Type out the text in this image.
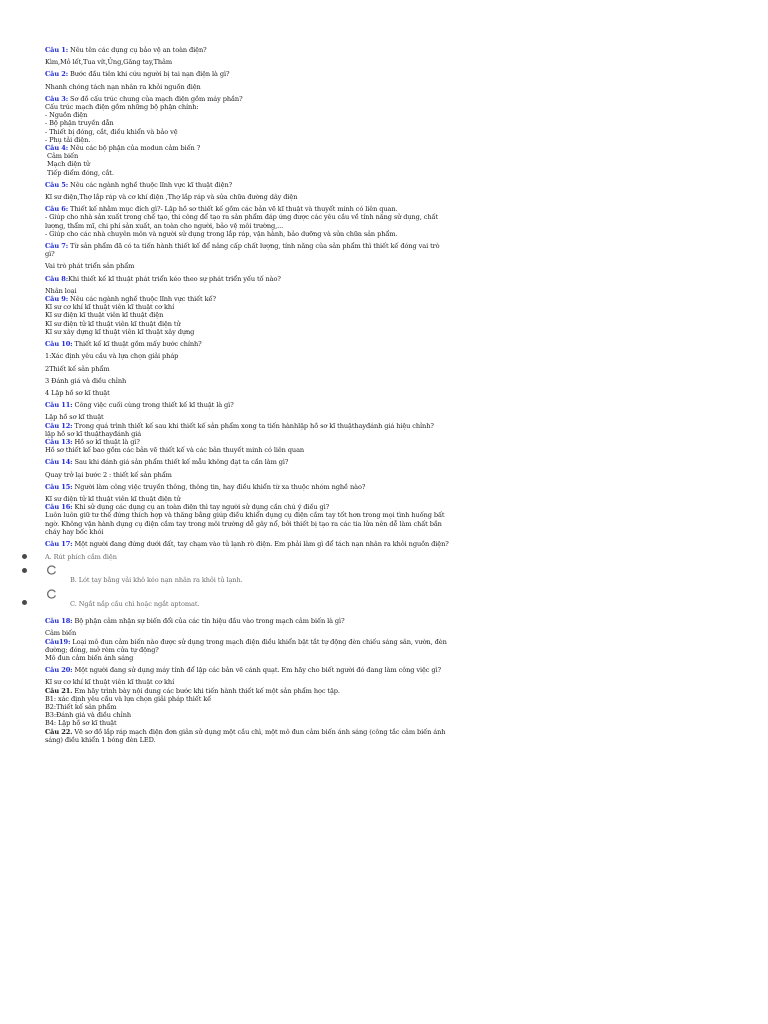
Câu 1: Nêu tên các dụng cụ bảo vệ an toàn điện?
Kìm,Mỏ lết,Tua vít,Ủng,Găng tay,Thảm
Câu 2: Bước đầu tiên khi cứu người bị tai nạn điện là gì?
Nhanh chóng tách nạn nhân ra khỏi nguồn điện
Câu 3: Sơ đồ cấu trúc chung của mạch điện gồm máy phần?
Cấu trúc mạch điện gồm những bộ phận chính:
- Nguồn điện
- Bộ phận truyền dẫn
- Thiết bị đóng, cắt, điều khiển và bảo vệ
- Phụ tải điện.
Câu 4: Nêu các bộ phận của modun cảm biến ?
Cảm biến
Mạch điện tử
Tiếp điểm đóng, cắt.
Câu 5: Nêu các ngành nghề thuộc lĩnh vực kĩ thuật điện?
Kĩ sư điện,Thợ lắp ráp và cơ khí điện ,Thợ lắp ráp và sửa chữa đường dây điện
Câu 6: Thiết kế nhằm mục đích gì?- Lập hồ sơ thiết kế gồm các bản vẽ kĩ thuật và thuyết minh có liên quan.
- Giúp cho nhà sản xuất trong chế tạo, thi công để tạo ra sản phẩm đáp ứng được các yêu cầu về tính năng sử dụng, chất lượng, thẩm mĩ, chi phí sản xuất, an toàn cho người, bảo vệ môi trường,...
- Giúp cho các nhà chuyên môn và người sử dụng trong lắp ráp, vận hành, bảo dưỡng và sửa chữa sản phẩm.
Câu 7: Từ sản phẩm đã có ta tiến hành thiết kế để nâng cấp chất lượng, tính năng của sản phẩm thì thiết kế đóng vai trò gì?
Vai trò phát triển sản phẩm
Câu 8:Khi thiết kế kĩ thuật phát triển kéo theo sự phát triển yếu tố nào?
Nhân loại
Câu 9: Nêu các ngành nghề thuộc lĩnh vực thiết kế?
Kĩ sư cơ khí kĩ thuật viên kĩ thuật cơ khí
Kĩ sư điện kĩ thuật viên kĩ thuật điện
Kĩ sư điện tử kĩ thuật viên kĩ thuật điện tử
Kĩ sư xây dựng kĩ thuật viên kĩ thuật xây dựng
Câu 10: Thiết kế kĩ thuật gồm mấy bước chính?
1:Xác định yêu cầu và lựa chọn giải pháp
2Thiết kế sản phẩm
3 Đánh giá và điều chỉnh
4 Lập hồ sơ kĩ thuật
Câu 11: Công việc cuối cùng trong thiết kế kĩ thuật là gì?
Lập hồ sơ kĩ thuật
Câu 12: Trong quá trình thiết kế sau khi thiết kế sản phẩm xong ta tiến hànhlập hồ sơ kĩ thuậthayđánh giá hiệu chỉnh?
lập hồ sơ kĩ thuậthayđánh giá
Câu 13: Hồ sơ kĩ thuật là gì?
Hồ sơ thiết kế bao gồm các bản vẽ thiết kế và các bản thuyết minh có liên quan
Câu 14: Sau khi đánh giá sản phẩm thiết kế mẫu không đạt ta cần làm gì?
Quay trở lại bước 2 : thiết kế sản phẩm
Câu 15: Người làm công việc truyền thông, thông tin, hay điều khiển từ xa thuộc nhóm nghề nào?
Kĩ sư điện tử kĩ thuật viên kĩ thuật điện tử
Câu 16: Khi sử dụng các dụng cụ an toàn điện thì tay người sử dụng cần chú ý điều gì?
Luôn luôn giữ tư thế đứng thích hợp và thăng bằng giúp điều khiển dụng cụ điện cầm tay tốt hơn trong mọi tình huống bất ngờ. Không vận hành dụng cụ điện cầm tay trong môi trường dễ gây nổ, bởi thiết bị tạo ra các tia lửa nên dễ làm chất bắn cháy hay bốc khói
Câu 17: Một người đang đứng dưới đất, tay chạm vào tủ lạnh rò điện. Em phải làm gì để tách nạn nhân ra khỏi nguồn điện?
A. Rút phích cắm điện
B. Lót tay bằng vải khô kéo nạn nhân ra khỏi tủ lạnh.
C. Ngắt nắp cầu chì hoặc ngắt aptomat.
Câu 18: Bộ phận cảm nhận sự biến đổi của các tín hiệu đầu vào trong mạch cảm biến là gì?
Cảm biến
Câu19: Loại mô đun cảm biến nào được sử dụng trong mạch điện điều khiển bật tắt tự động đèn chiếu sáng sân, vườn, đèn đường; đóng, mở rèm cửa tự động?
Mô đun cảm biến ánh sáng
Câu 20: Một người đang sử dụng máy tính để lập các bản vẽ cánh quạt. Em hãy cho biết người đó đang làm công việc gì?
Kĩ sư cơ khí kĩ thuật viên kĩ thuật cơ khí
Câu 21. Em hãy trình bày nội dung các bước khi tiến hành thiết kế một sản phẩm học tập.
B1: xác định yêu cầu và lựa chọn giải pháp thiết kế
B2:Thiết kế sản phẩm
B3:Đánh giá và điều chỉnh
B4: Lập hồ sơ kĩ thuật
Câu 22. Vẽ sơ đồ lắp ráp mạch điện đơn giản sử dụng một cầu chì, một mô đun cảm biến ánh sáng (công tắc cảm biến ánh sáng) điều khiển 1 bóng đèn LED.
